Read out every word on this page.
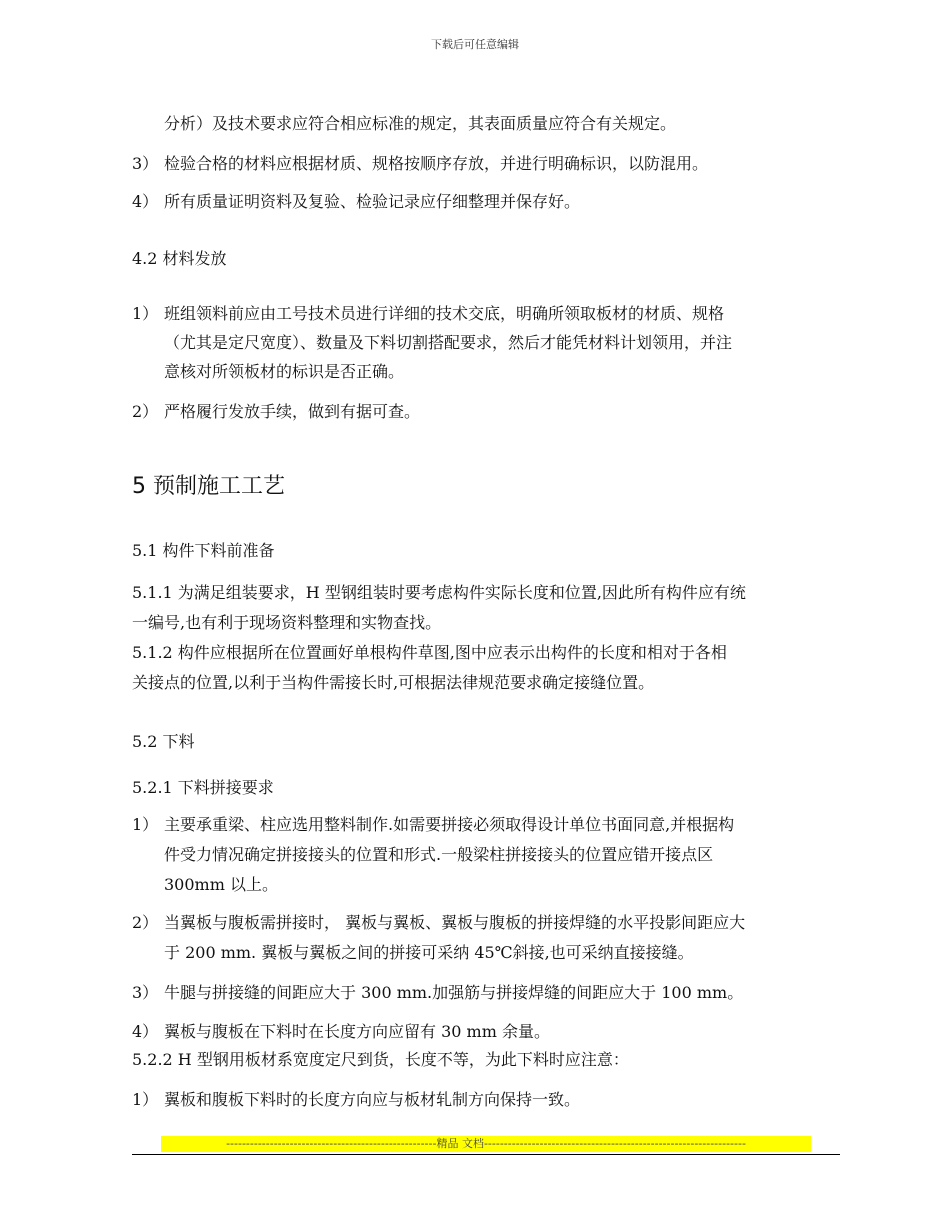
下载后可任意编辑
分析）及技术要求应符合相应标准的规定，其表面质量应符合有关规定。
3） 检验合格的材料应根据材质、规格按顺序存放，并进行明确标识，以防混用。
4） 所有质量证明资料及复验、检验记录应仔细整理并保存好。
4.2 材料发放
1） 班组领料前应由工号技术员进行详细的技术交底，明确所领取板材的材质、规格
（尤其是定尺宽度）、数量及下料切割搭配要求，然后才能凭材料计划领用，并注
意核对所领板材的标识是否正确。
2） 严格履行发放手续，做到有据可查。
5 预制施工工艺
5.1 构件下料前准备
5.1.1 为满足组装要求，H 型钢组装时要考虑构件实际长度和位置,因此所有构件应有统
一编号,也有利于现场资料整理和实物查找。
5.1.2 构件应根据所在位置画好单根构件草图,图中应表示出构件的长度和相对于各相
关接点的位置,以利于当构件需接长时,可根据法律规范要求确定接缝位置。
5.2 下料
5.2.1 下料拼接要求
1） 主要承重梁、柱应选用整料制作.如需要拼接必须取得设计单位书面同意,并根据构
件受力情况确定拼接接头的位置和形式.一般梁柱拼接接头的位置应错开接点区
300mm 以上。
2） 当翼板与腹板需拼接时， 翼板与翼板、翼板与腹板的拼接焊缝的水平投影间距应大
于 200 mm. 翼板与翼板之间的拼接可采纳 45℃斜接,也可采纳直接接缝。
3） 牛腿与拼接缝的间距应大于 300 mm.加强筋与拼接焊缝的间距应大于 100 mm。
4） 翼板与腹板在下料时在长度方向应留有 30 mm 余量。
5.2.2 H 型钢用板材系宽度定尺到货，长度不等，为此下料时应注意：
1） 翼板和腹板下料时的长度方向应与板材轧制方向保持一致。
-----------------------------------------------------精品 文档------------------------------------------------------------------
